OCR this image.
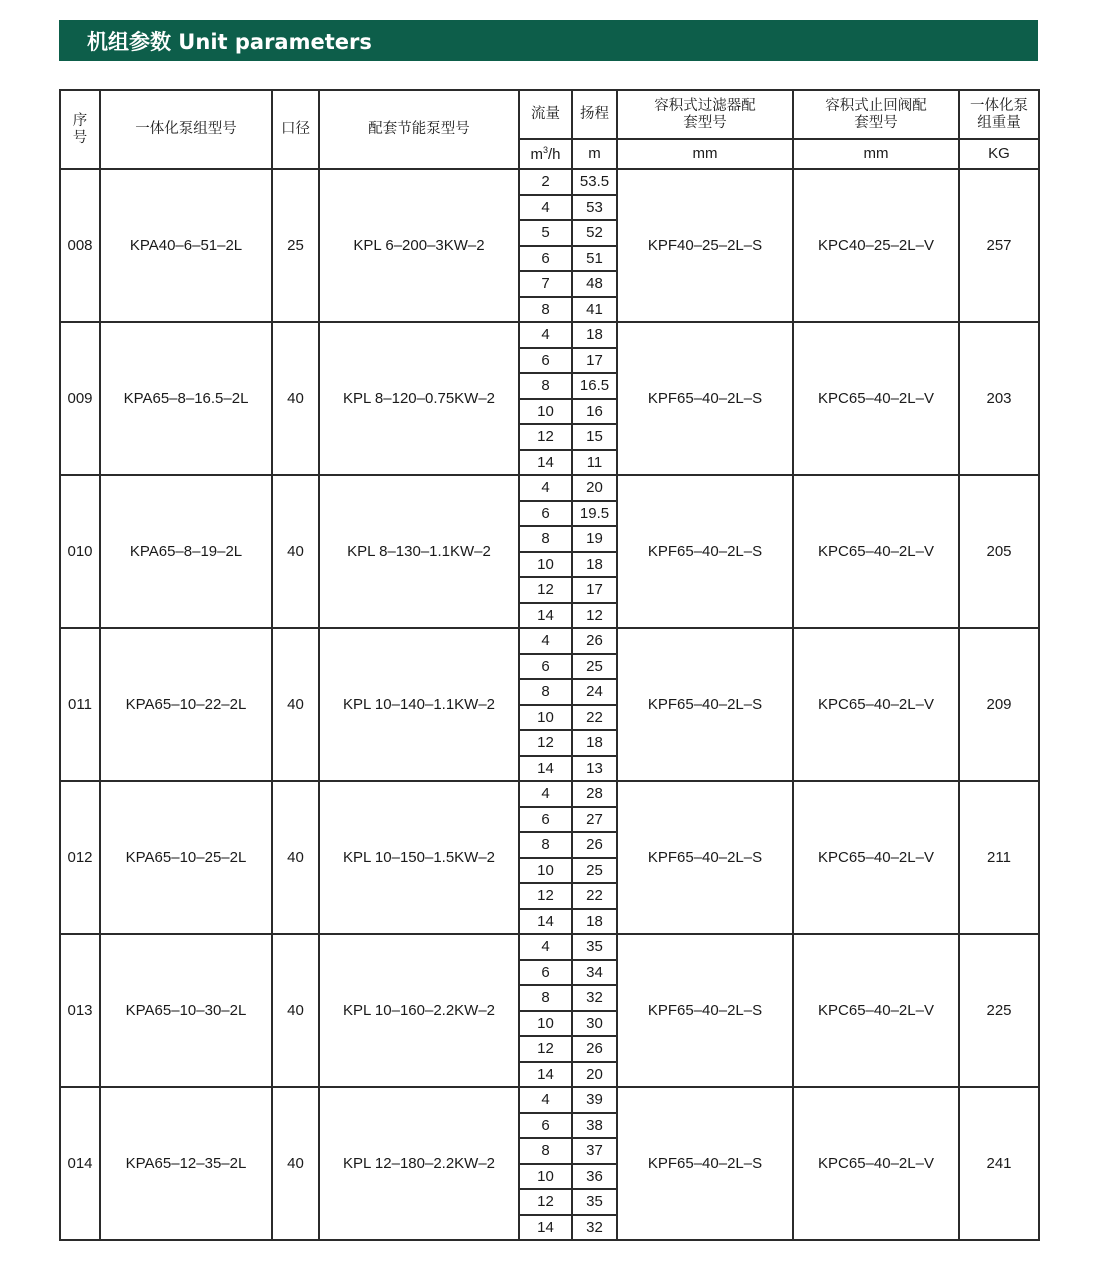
机组参数 Unit parameters
序号	一体化泵组型号	口径	配套节能泵型号	流量	扬程	容积式过滤器配套型号	容积式止回阀配套型号	一体化泵组重量
				$m^3/h$	m	mm	mm	KG
008	KPA40–6–51–2L	25	KPL 6–200–3KW–2	2	53.5	KPF40–25–2L–S	KPC40–25–2L–V	257
				4	53			
				5	52			
				6	51			
				7	48			
				8	41			
009	KPA65–8–16.5–2L	40	KPL 8–120–0.75KW–2	4	18	KPF65–40–2L–S	KPC65–40–2L–V	203
				6	17			
				8	16.5			
				10	16			
				12	15			
				14	11			
010	KPA65–8–19–2L	40	KPL 8–130–1.1KW–2	4	20	KPF65–40–2L–S	KPC65–40–2L–V	205
				6	19.5			
				8	19			
				10	18			
				12	17			
				14	12			
011	KPA65–10–22–2L	40	KPL 10–140–1.1KW–2	4	26	KPF65–40–2L–S	KPC65–40–2L–V	209
				6	25			
				8	24			
				10	22			
				12	18			
				14	13			
012	KPA65–10–25–2L	40	KPL 10–150–1.5KW–2	4	28	KPF65–40–2L–S	KPC65–40–2L–V	211
				6	27			
				8	26			
				10	25			
				12	22			
				14	18			
013	KPA65–10–30–2L	40	KPL 10–160–2.2KW–2	4	35	KPF65–40–2L–S	KPC65–40–2L–V	225
				6	34			
				8	32			
				10	30			
				12	26			
				14	20			
014	KPA65–12–35–2L	40	KPL 12–180–2.2KW–2	4	39	KPF65–40–2L–S	KPC65–40–2L–V	241
				6	38			
				8	37			
				10	36			
				12	35			
				14	32			
